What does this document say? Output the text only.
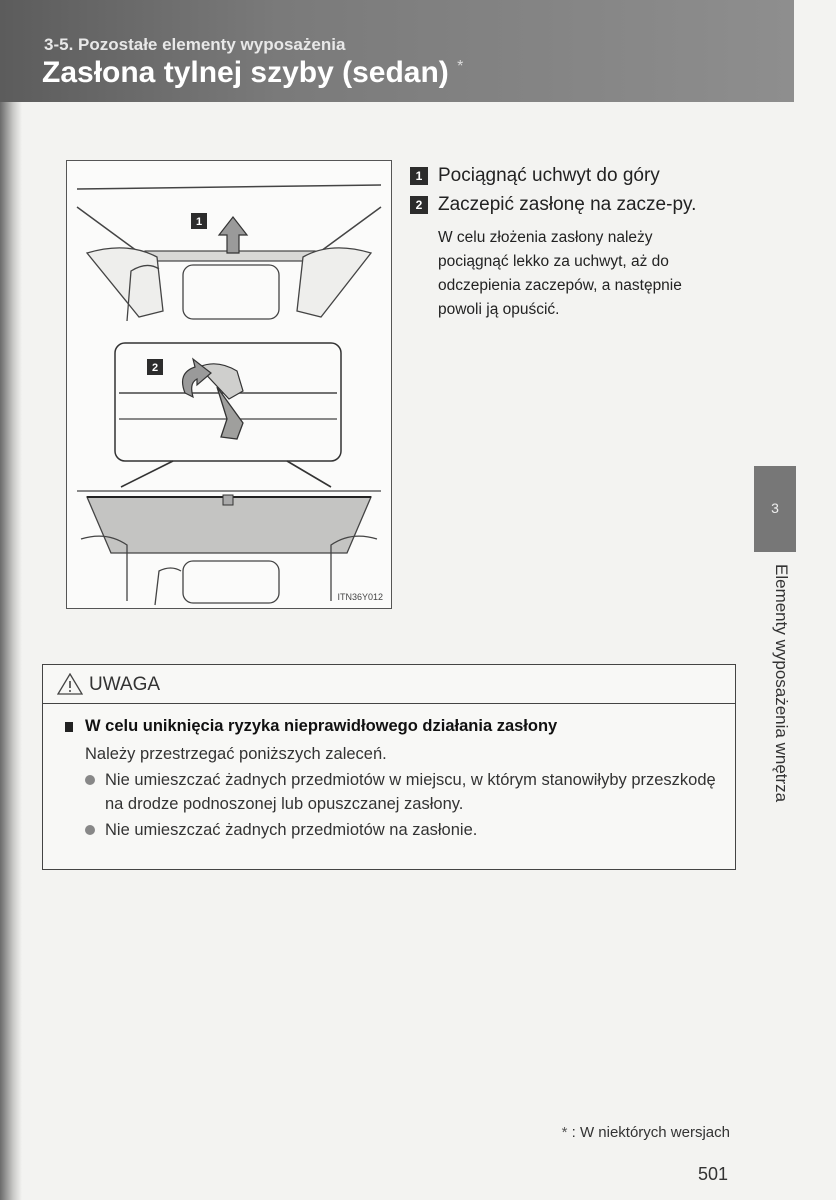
3-5. Pozostałe elementy wyposażenia
Zasłona tylnej szyby (sedan) *
1
2
ITN36Y012
1 Pociągnąć uchwyt do góry
2 Zaczepić zasłonę na zacze-py.
W celu złożenia zasłony należy pociągnąć lekko za uchwyt, aż do odczepienia zaczepów, a następnie powoli ją opuścić.
UWAGA
W celu uniknięcia ryzyka nieprawidłowego działania zasłony
Należy przestrzegać poniższych zaleceń.
Nie umieszczać żadnych przedmiotów w miejscu, w którym stanowiłyby przeszkodę na drodze podnoszonej lub opuszczanej zasłony.
Nie umieszczać żadnych przedmiotów na zasłonie.
3
Elementy wyposażenia wnętrza
* : W niektórych wersjach
501
